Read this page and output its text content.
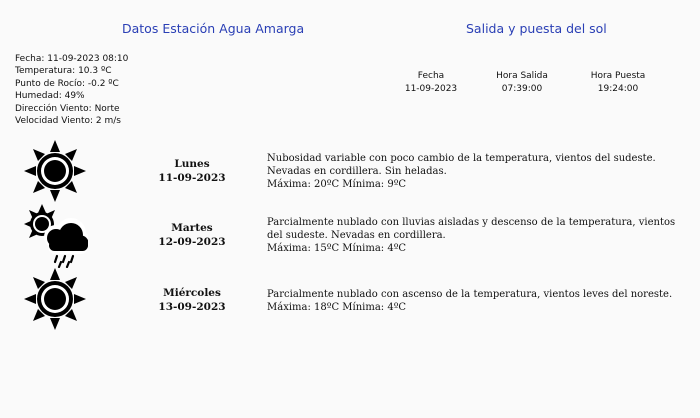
Datos Estación Agua Amarga	Salida y puesta del sol
Fecha: 11-09-2023 08:10
Temperatura: 10.3 ºC
Punto de Rocío: -0.2 ºC
Humedad: 49%
Dirección Viento: Norte
Velocidad Viento: 2 m/s
Fecha
11-09-2023
Hora Salida
07:39:00
Hora Puesta
19:24:00
Lunes
11-09-2023
Martes
12-09-2023
Miércoles
13-09-2023
Nubosidad variable con poco cambio de la temperatura, vientos del sudeste. Nevadas en cordillera. Sin heladas.
Máxima: 20ºC Mínima: 9ºC
Parcialmente nublado con lluvias aisladas y descenso de la temperatura, vientos del sudeste. Nevadas en cordillera.
Máxima: 15ºC Mínima: 4ºC
Parcialmente nublado con ascenso de la temperatura, vientos leves del noreste.
Máxima: 18ºC Mínima: 4ºC
